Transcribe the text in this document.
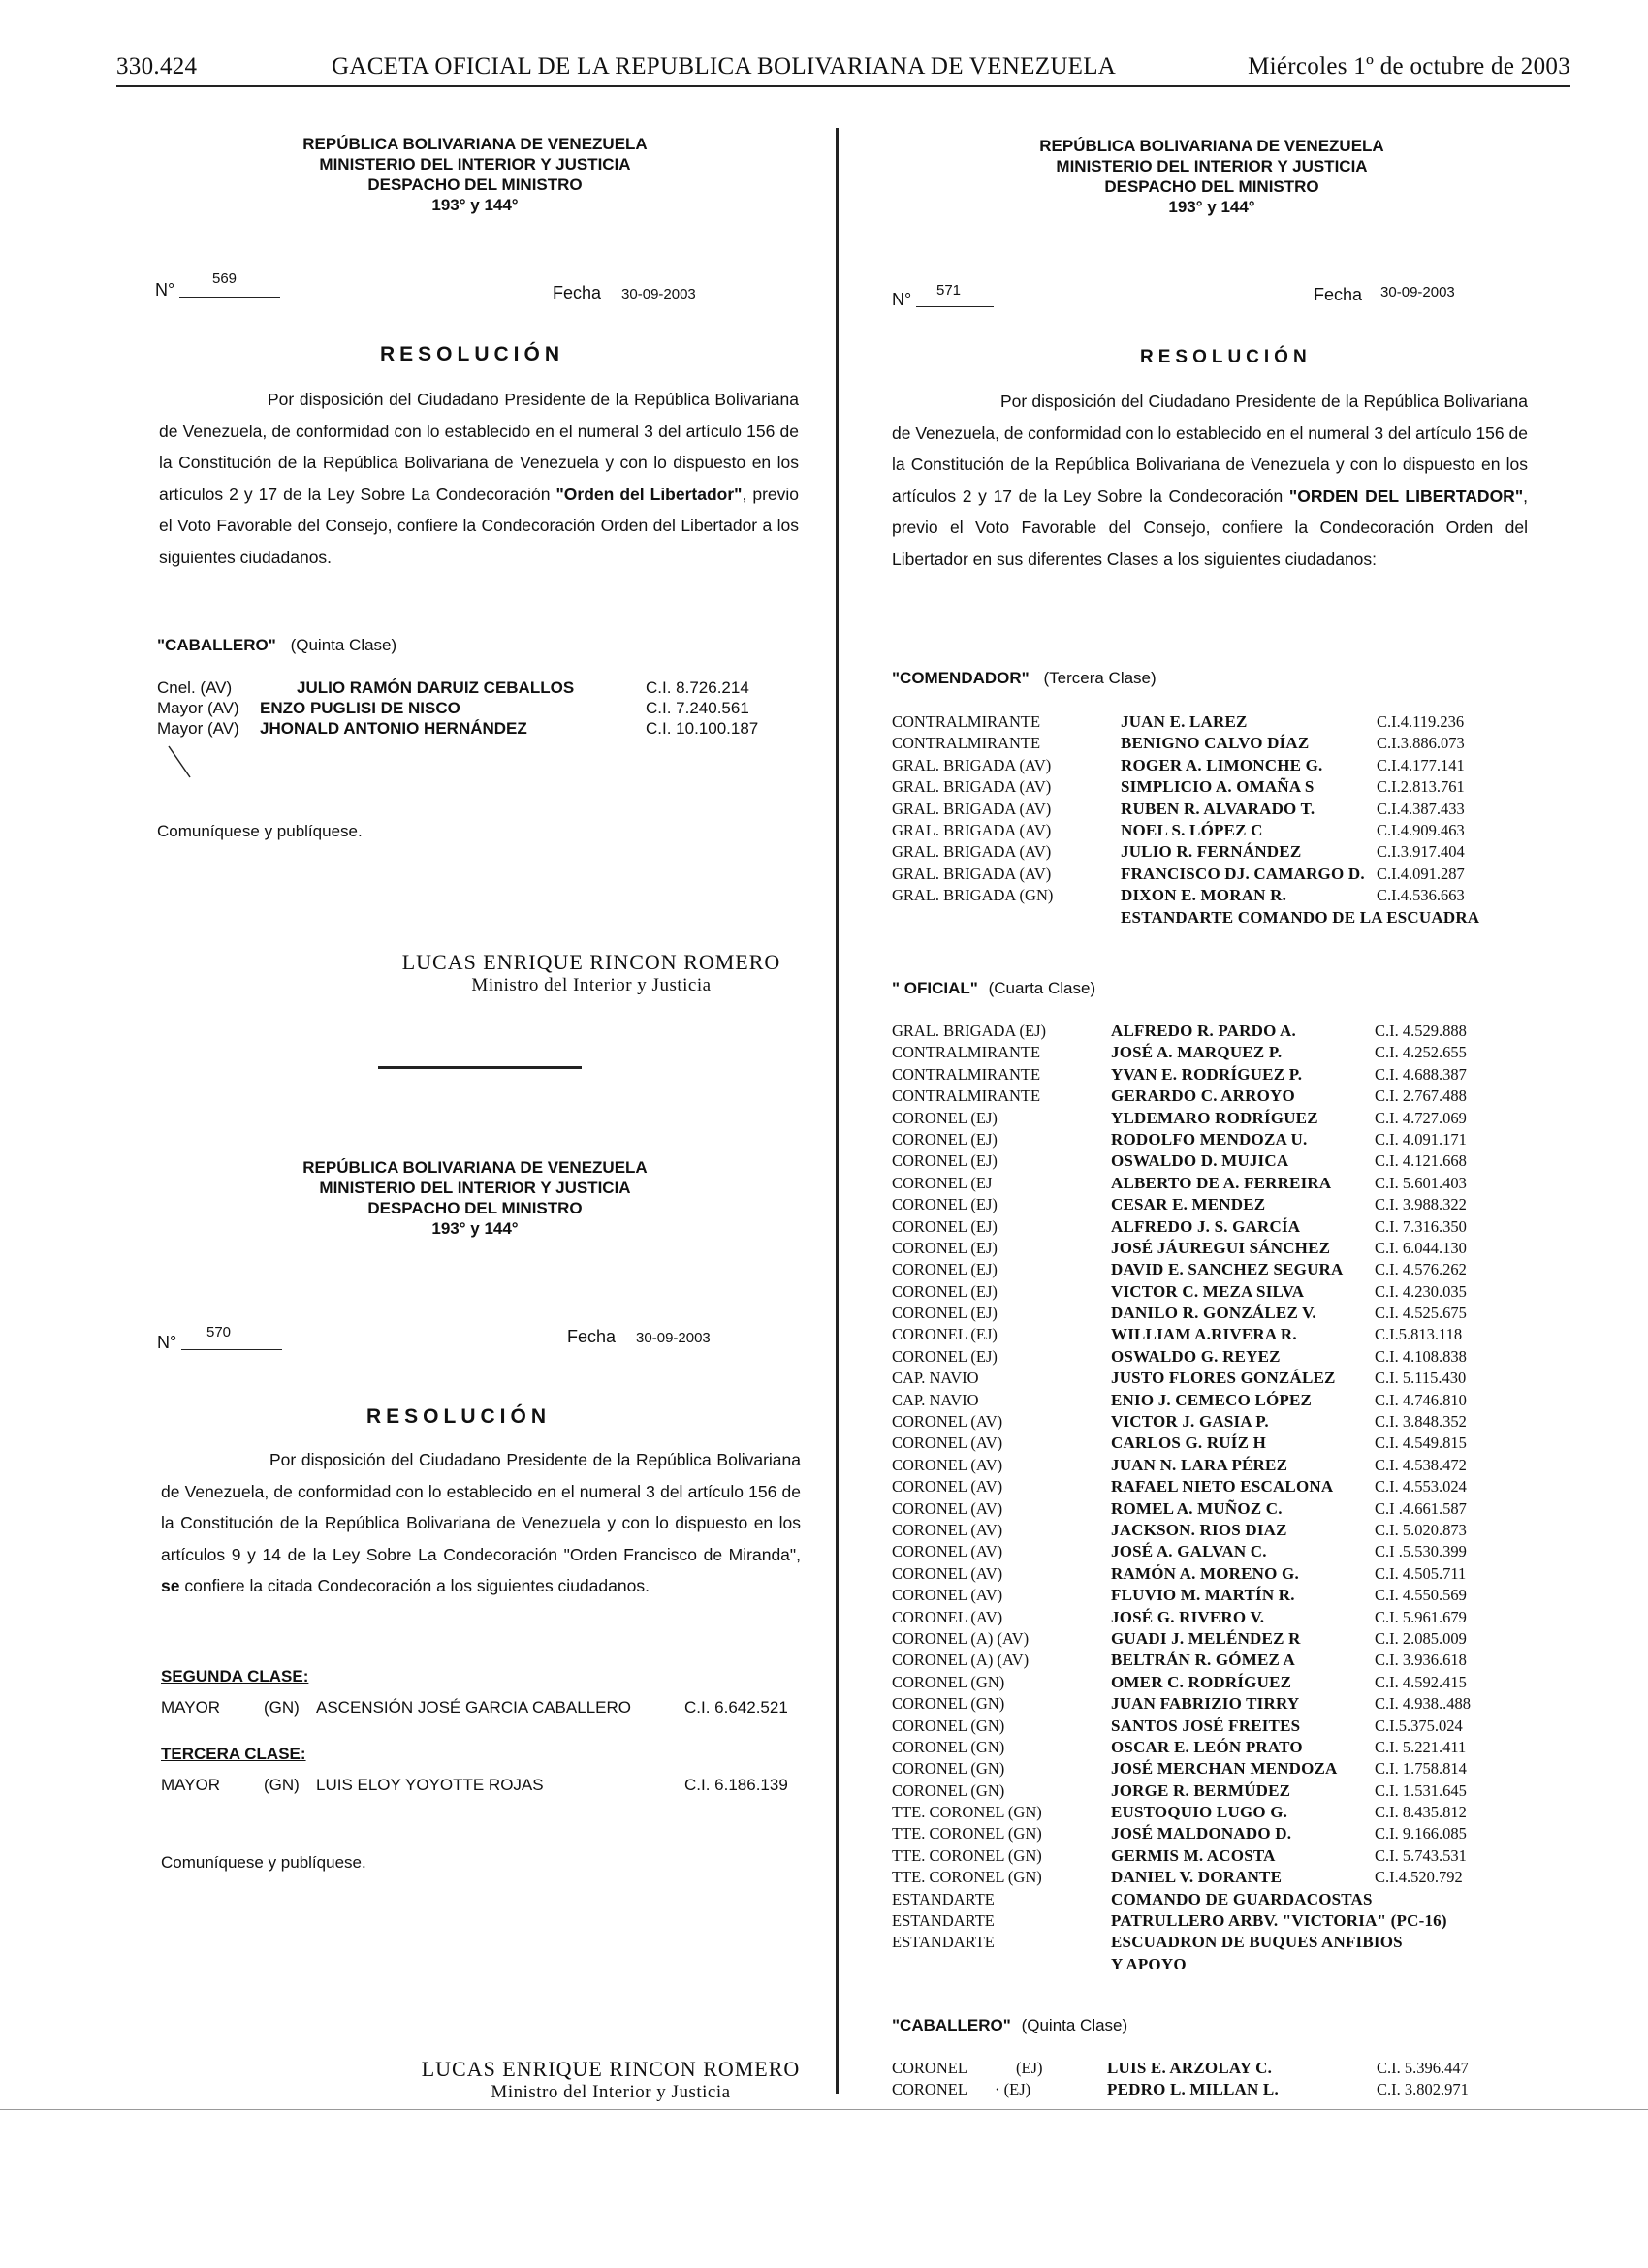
330.424	GACETA OFICIAL DE LA REPUBLICA BOLIVARIANA DE VENEZUELA	Miércoles 1º de octubre de 2003
REPÚBLICA BOLIVARIANA DE VENEZUELA
MINISTERIO DEL INTERIOR Y JUSTICIA
DESPACHO DEL MINISTRO
193° y 144°
N°
569
Fecha 30-09-2003
RESOLUCIÓN
Por disposición del Ciudadano Presidente de la República Bolivariana de Venezuela, de conformidad con lo establecido en el numeral 3 del artículo 156 de la Constitución de la República Bolivariana de Venezuela y con lo dispuesto en los artículos 2 y 17 de la Ley Sobre La Condecoración "Orden del Libertador", previo el Voto Favorable del Consejo, confiere la Condecoración Orden del Libertador a los siguientes ciudadanos.
"CABALLERO" (Quinta Clase)
Cnel. (AV)	JULIO RAMÓN DARUIZ CEBALLOS	C.I. 8.726.214
Mayor (AV) ENZO PUGLISI DE NISCO	C.I. 7.240.561
Mayor (AV) JHONALD ANTONIO HERNÁNDEZ	C.I. 10.100.187
Comuníquese y publíquese.
LUCAS ENRIQUE RINCON ROMERO
Ministro del Interior y Justicia
REPÚBLICA BOLIVARIANA DE VENEZUELA
MINISTERIO DEL INTERIOR Y JUSTICIA
DESPACHO DEL MINISTRO
193° y 144°
N°
570	Fecha 30-09-2003
RESOLUCIÓN
Por disposición del Ciudadano Presidente de la República Bolivariana de Venezuela, de conformidad con lo establecido en el numeral 3 del artículo 156 de la Constitución de la República Bolivariana de Venezuela y con lo dispuesto en los artículos 9 y 14 de la Ley Sobre La Condecoración "Orden Francisco de Miranda", se confiere la citada Condecoración a los siguientes ciudadanos.
SEGUNDA CLASE:
MAYOR	(GN) ASCENSIÓN JOSÉ GARCIA CABALLERO	C.I. 6.642.521
TERCERA CLASE:
MAYOR	(GN) LUIS ELOY YOYOTTE ROJAS	C.I. 6.186.139
Comuníquese y publíquese.
LUCAS ENRIQUE RINCON ROMERO
Ministro del Interior y Justicia
REPÚBLICA BOLIVARIANA DE VENEZUELA
MINISTERIO DEL INTERIOR Y JUSTICIA
DESPACHO DEL MINISTRO
193° y 144°
N°	571	Fecha $^{30-09-2003}$
RESOLUCIÓN
Por disposición del Ciudadano Presidente de la República Bolivariana de Venezuela, de conformidad con lo establecido en el numeral 3 del artículo 156 de la Constitución de la República Bolivariana de Venezuela y con lo dispuesto en los artículos 2 y 17 de la Ley Sobre la Condecoración "ORDEN DEL LIBERTADOR", previo el Voto Favorable del Consejo, confiere la Condecoración Orden del Libertador en sus diferentes Clases a los siguientes ciudadanos:
"COMENDADOR" (Tercera Clase)
CONTRALMIRANTE	JUAN E. LAREZ	C.I.4.119.236
CONTRALMIRANTE	BENIGNO CALVO DÍAZ	C.I.3.886.073
GRAL. BRIGADA (AV)	ROGER A. LIMONCHE G.	C.I.4.177.141
GRAL. BRIGADA (AV)	SIMPLICIO A. OMAÑA S	C.I.2.813.761
GRAL. BRIGADA (AV)	RUBEN R. ALVARADO T.	C.I.4.387.433
GRAL. BRIGADA (AV)	NOEL S. LÓPEZ C	C.I.4.909.463
GRAL. BRIGADA (AV)	JULIO R. FERNÁNDEZ	C.I.3.917.404
GRAL. BRIGADA (AV)	FRANCISCO DJ. CAMARGO D. C.I.4.091.287
GRAL. BRIGADA (GN)	DIXON E. MORAN R.	C.I.4.536.663
ESTANDARTE COMANDO DE LA ESCUADRA
" OFICIAL" (Cuarta Clase)
GRAL. BRIGADA (EJ)	ALFREDO R. PARDO A.	C.I. 4.529.888
CONTRALMIRANTE	JOSÉ A. MARQUEZ P.	C.I. 4.252.655
CONTRALMIRANTE	YVAN E. RODRÍGUEZ P.	C.I. 4.688.387
CONTRALMIRANTE	GERARDO C. ARROYO	C.I. 2.767.488
CORONEL (EJ)	YLDEMARO RODRÍGUEZ	C.I. 4.727.069
CORONEL (EJ)	RODOLFO MENDOZA U.	C.I. 4.091.171
CORONEL (EJ)	OSWALDO D. MUJICA	C.I. 4.121.668
CORONEL (EJ	ALBERTO DE A. FERREIRA	C.I. 5.601.403
CORONEL (EJ)	CESAR E. MENDEZ	C.I. 3.988.322
CORONEL (EJ)	ALFREDO J. S. GARCÍA	C.I. 7.316.350
CORONEL (EJ)	JOSÉ JÁUREGUI SÁNCHEZ	C.I. 6.044.130
CORONEL (EJ)	DAVID E. SANCHEZ SEGURA C.I. 4.576.262
CORONEL (EJ)	VICTOR C. MEZA SILVA	C.I. 4.230.035
CORONEL (EJ)	DANILO R. GONZÁLEZ V.	C.I. 4.525.675
CORONEL (EJ)	WILLIAM A.RIVERA R.	C.I.5.813.118
CORONEL (EJ)	OSWALDO G. REYEZ	C.I. 4.108.838
CAP. NAVIO	JUSTO FLORES GONZÁLEZ C.I. 5.115.430
CAP. NAVIO	ENIO J. CEMECO LÓPEZ	C.I. 4.746.810
CORONEL (AV)	VICTOR J. GASIA P.	C.I. 3.848.352
CORONEL (AV)	CARLOS G. RUÍZ H	C.I. 4.549.815
CORONEL (AV)	JUAN N. LARA PÉREZ	C.I. 4.538.472
CORONEL (AV)	RAFAEL NIETO ESCALONA	C.I. 4.553.024
CORONEL (AV)	ROMEL A. MUÑOZ C.	C.I .4.661.587
CORONEL (AV)	JACKSON. RIOS DIAZ	C.I. 5.020.873
CORONEL (AV)	JOSÉ A. GALVAN C.	C.I .5.530.399
CORONEL (AV)	RAMÓN A. MORENO G.	C.I. 4.505.711
CORONEL (AV)	FLUVIO M. MARTÍN R.	C.I. 4.550.569
CORONEL (AV)	JOSÉ G. RIVERO V.	C.I. 5.961.679
CORONEL (A) (AV)	GUADI J. MELÉNDEZ R	C.I. 2.085.009
CORONEL (A) (AV)	BELTRÁN R. GÓMEZ A	C.I. 3.936.618
CORONEL (GN)	OMER C. RODRÍGUEZ	C.I. 4.592.415
CORONEL (GN)	JUAN FABRIZIO TIRRY	C.I. 4.938..488
CORONEL (GN)	SANTOS JOSÉ FREITES	C.I.5.375.024
CORONEL (GN)	OSCAR E. LEÓN PRATO	C.I. 5.221.411
CORONEL (GN)	JOSÉ MERCHAN MENDOZA C.I. 1.758.814
CORONEL (GN)	JORGE R. BERMÚDEZ	C.I. 1.531.645
TTE. CORONEL (GN)	EUSTOQUIO LUGO G.	C.I. 8.435.812
TTE. CORONEL (GN)	JOSÉ MALDONADO D.	C.I. 9.166.085
TTE. CORONEL (GN)	GERMIS M. ACOSTA	C.I. 5.743.531
TTE. CORONEL (GN)	DANIEL V. DORANTE	C.I.4.520.792
ESTANDARTE	COMANDO DE GUARDACOSTAS
ESTANDARTE	PATRULLERO ARBV. "VICTORIA" (PC-16)
ESTANDARTE	ESCUADRON DE BUQUES ANFIBIOS
Y APOYO
"CABALLERO" (Quinta Clase)
CORONEL	(EJ)	LUIS E. ARZOLAY C.	C.I. 5.396.447
CORONEL · (EJ)	PEDRO L. MILLAN L.	C.I. 3.802.971
